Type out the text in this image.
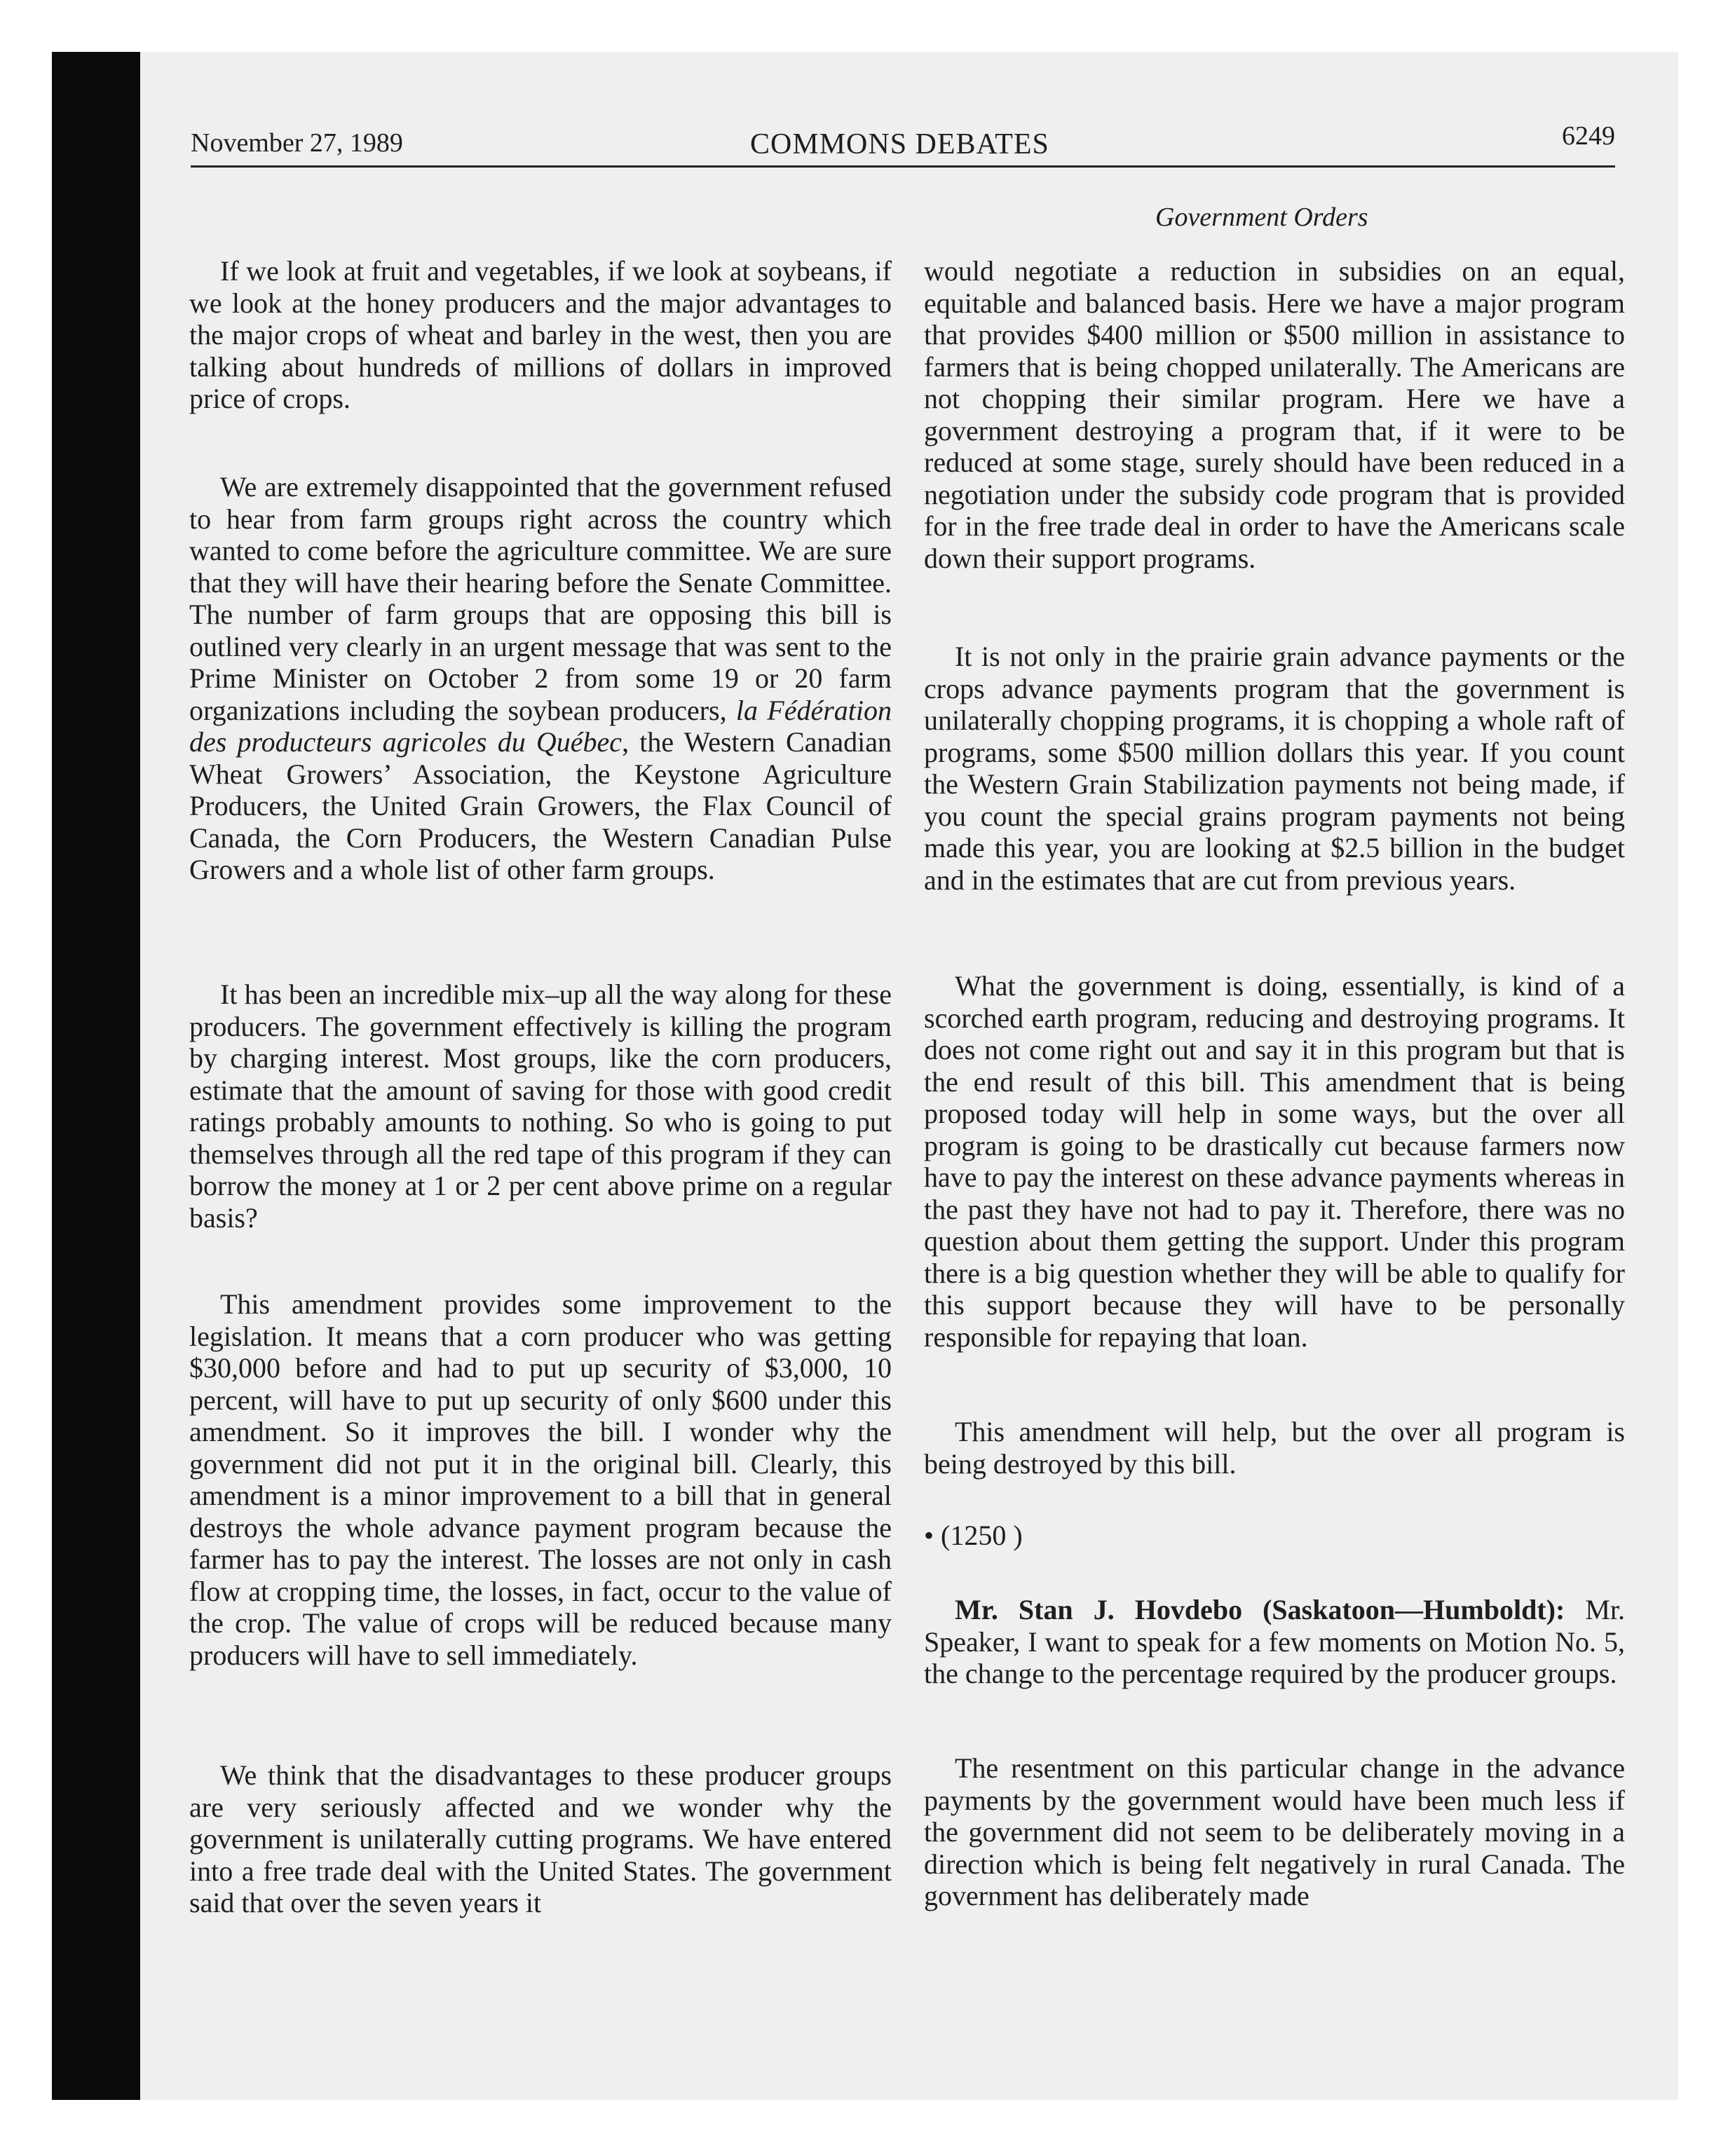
November 27, 1989	COMMONS DEBATES	6249
Government Orders

If we look at fruit and vegetables, if we look at soybeans, if we look at the honey producers and the major advantages to the major crops of wheat and barley in the west, then you are talking about hundreds of millions of dollars in improved price of crops.

We are extremely disappointed that the government refused to hear from farm groups right across the country which wanted to come before the agriculture committee. We are sure that they will have their hearing before the Senate Committee. The number of farm groups that are opposing this bill is outlined very clearly in an urgent message that was sent to the Prime Minister on October 2 from some 19 or 20 farm organizations including the soybean producers, la Fédération des producteurs agricoles du Québec, the Western Canadian Wheat Growers’ Association, the Keystone Agriculture Producers, the United Grain Growers, the Flax Council of Canada, the Corn Producers, the Western Canadian Pulse Growers and a whole list of other farm groups.

It has been an incredible mix–up all the way along for these producers. The government effectively is killing the program by charging interest. Most groups, like the corn producers, estimate that the amount of saving for those with good credit ratings probably amounts to nothing. So who is going to put themselves through all the red tape of this program if they can borrow the money at 1 or 2 per cent above prime on a regular basis?

This amendment provides some improvement to the legislation. It means that a corn producer who was getting $30,000 before and had to put up security of $3,000, 10 percent, will have to put up security of only $600 under this amendment. So it improves the bill. I wonder why the government did not put it in the original bill. Clearly, this amendment is a minor improvement to a bill that in general destroys the whole advance payment program because the farmer has to pay the interest. The losses are not only in cash flow at cropping time, the losses, in fact, occur to the value of the crop. The value of crops will be reduced because many producers will have to sell immediately.

We think that the disadvantages to these producer groups are very seriously affected and we wonder why the government is unilaterally cutting programs. We have entered into a free trade deal with the United States. The government said that over the seven years it

would negotiate a reduction in subsidies on an equal, equitable and balanced basis. Here we have a major program that provides $400 million or $500 million in assistance to farmers that is being chopped unilaterally. The Americans are not chopping their similar program. Here we have a government destroying a program that, if it were to be reduced at some stage, surely should have been reduced in a negotiation under the subsidy code program that is provided for in the free trade deal in order to have the Americans scale down their support programs.

It is not only in the prairie grain advance payments or the crops advance payments program that the government is unilaterally chopping programs, it is chopping a whole raft of programs, some $500 million dollars this year. If you count the Western Grain Stabilization payments not being made, if you count the special grains program payments not being made this year, you are looking at $2.5 billion in the budget and in the estimates that are cut from previous years.

What the government is doing, essentially, is kind of a scorched earth program, reducing and destroying programs. It does not come right out and say it in this program but that is the end result of this bill. This amendment that is being proposed today will help in some ways, but the over all program is going to be drastically cut because farmers now have to pay the interest on these advance payments whereas in the past they have not had to pay it. Therefore, there was no question about them getting the support. Under this program there is a big question whether they will be able to qualify for this support because they will have to be personally responsible for repaying that loan.

This amendment will help, but the over all program is being destroyed by this bill.

• (1250 )

Mr. Stan J. Hovdebo (Saskatoon—Humboldt): Mr. Speaker, I want to speak for a few moments on Motion No. 5, the change to the percentage required by the producer groups.

The resentment on this particular change in the advance payments by the government would have been much less if the government did not seem to be deliberately moving in a direction which is being felt negatively in rural Canada. The government has deliberately made
